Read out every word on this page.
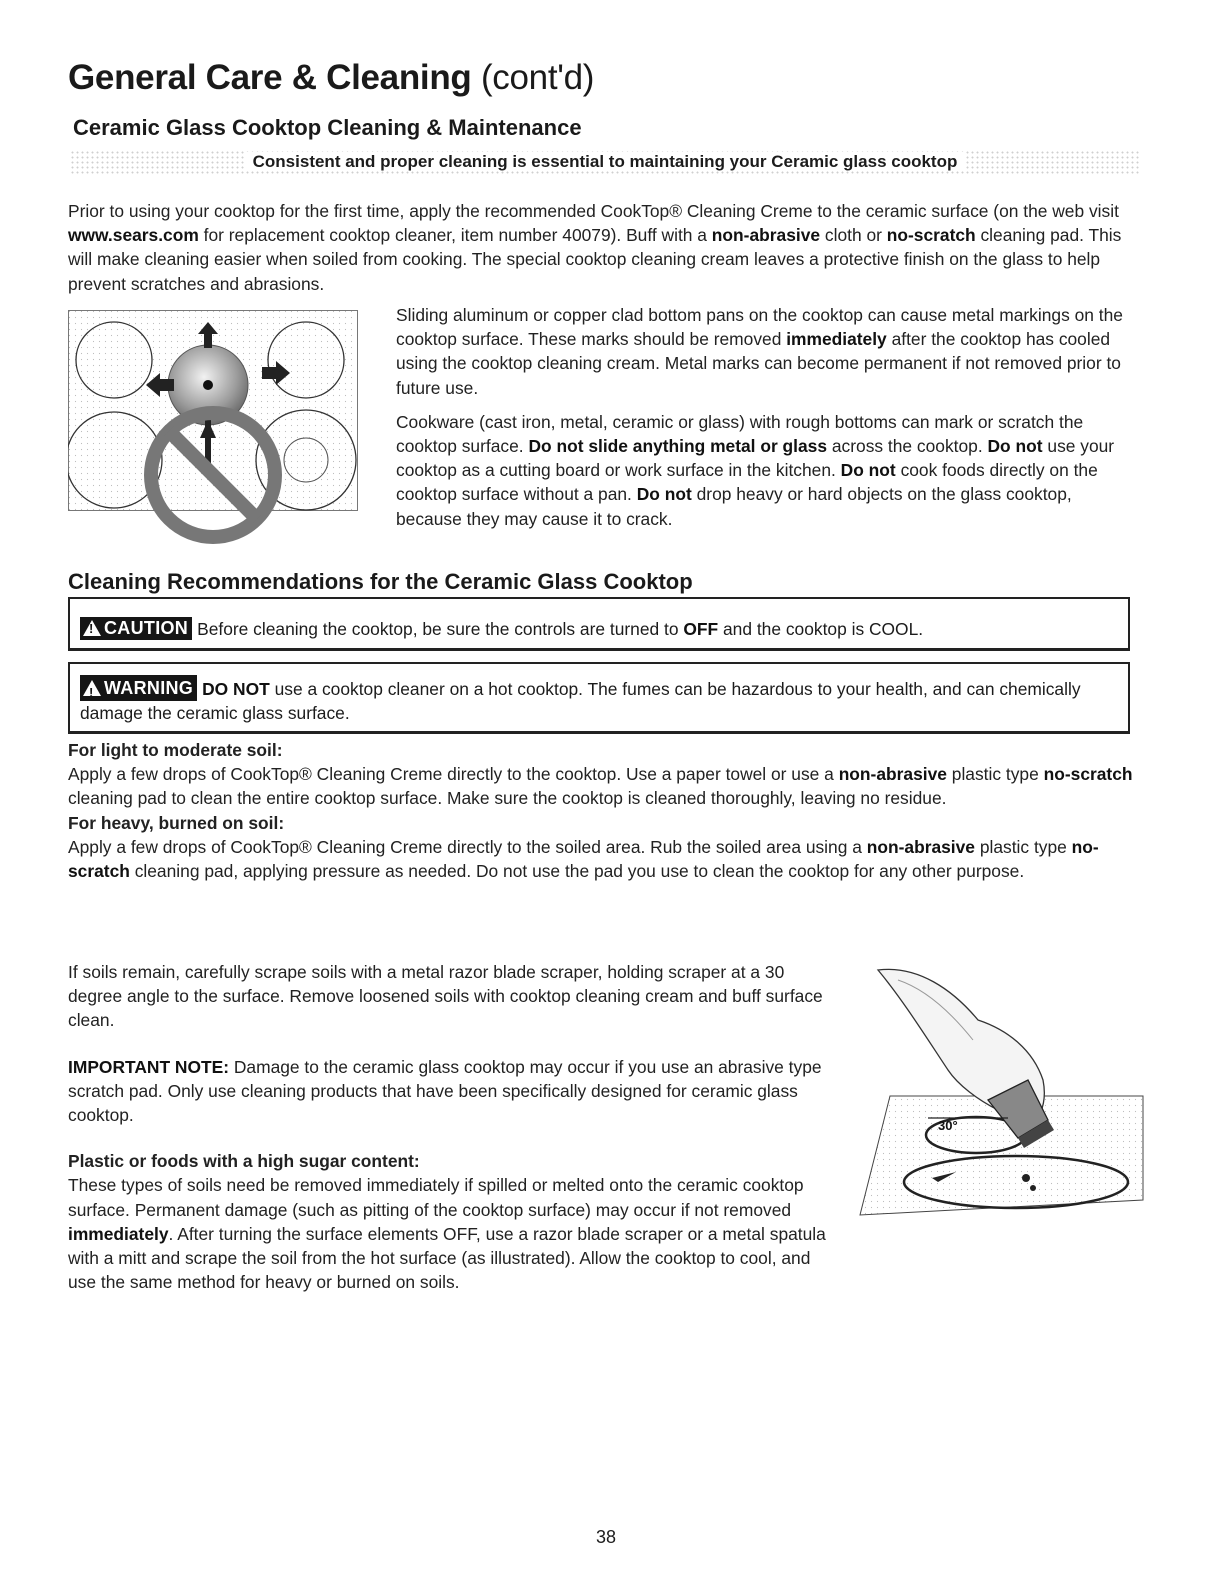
General Care & Cleaning (cont'd)
Ceramic Glass Cooktop Cleaning & Maintenance
Consistent and proper cleaning is essential to maintaining your Ceramic glass cooktop

Prior to using your cooktop for the first time, apply the recommended CookTop® Cleaning Creme to the ceramic surface (on the web visit www.sears.com for replacement cooktop cleaner, item number 40079). Buff with a non-abrasive cloth or no-scratch cleaning pad. This will make cleaning easier when soiled from cooking. The special cooktop cleaning cream leaves a protective finish on the glass to help prevent scratches and abrasions.

Sliding aluminum or copper clad bottom pans on the cooktop can cause metal markings on the cooktop surface. These marks should be removed immediately after the cooktop has cooled using the cooktop cleaning cream. Metal marks can become permanent if not removed prior to future use.

Cookware (cast iron, metal, ceramic or glass) with rough bottoms can mark or scratch the cooktop surface. Do not slide anything metal or glass across the cooktop. Do not use your cooktop as a cutting board or work surface in the kitchen. Do not cook foods directly on the cooktop surface without a pan. Do not drop heavy or hard objects on the glass cooktop, because they may cause it to crack.

Cleaning Recommendations for the Ceramic Glass Cooktop
!CAUTION Before cleaning the cooktop, be sure the controls are turned to OFF and the cooktop is COOL.
!WARNING DO NOT use a cooktop cleaner on a hot cooktop. The fumes can be hazardous to your health, and can chemically damage the ceramic glass surface.

For light to moderate soil:

Apply a few drops of CookTop® Cleaning Creme directly to the cooktop. Use a paper towel or use a non-abrasive plastic type no-scratch cleaning pad to clean the entire cooktop surface. Make sure the cooktop is cleaned thoroughly, leaving no residue.

For heavy, burned on soil:

Apply a few drops of CookTop® Cleaning Creme directly to the soiled area. Rub the soiled area using a non-abrasive plastic type no-scratch cleaning pad, applying pressure as needed. Do not use the pad you use to clean the cooktop for any other purpose.

If soils remain, carefully scrape soils with a metal razor blade scraper, holding scraper at a 30 degree angle to the surface. Remove loosened soils with cooktop cleaning cream and buff surface clean.

IMPORTANT NOTE: Damage to the ceramic glass cooktop may occur if you use an abrasive type scratch pad. Only use cleaning products that have been specifically designed for ceramic glass cooktop.

Plastic or foods with a high sugar content:

These types of soils need be removed immediately if spilled or melted onto the ceramic cooktop surface. Permanent damage (such as pitting of the cooktop surface) may occur if not removed immediately. After turning the surface elements OFF, use a razor blade scraper or a metal spatula with a mitt and scrape the soil from the hot surface (as illustrated). Allow the cooktop to cool, and use the same method for heavy or burned on soils.

30°
38
